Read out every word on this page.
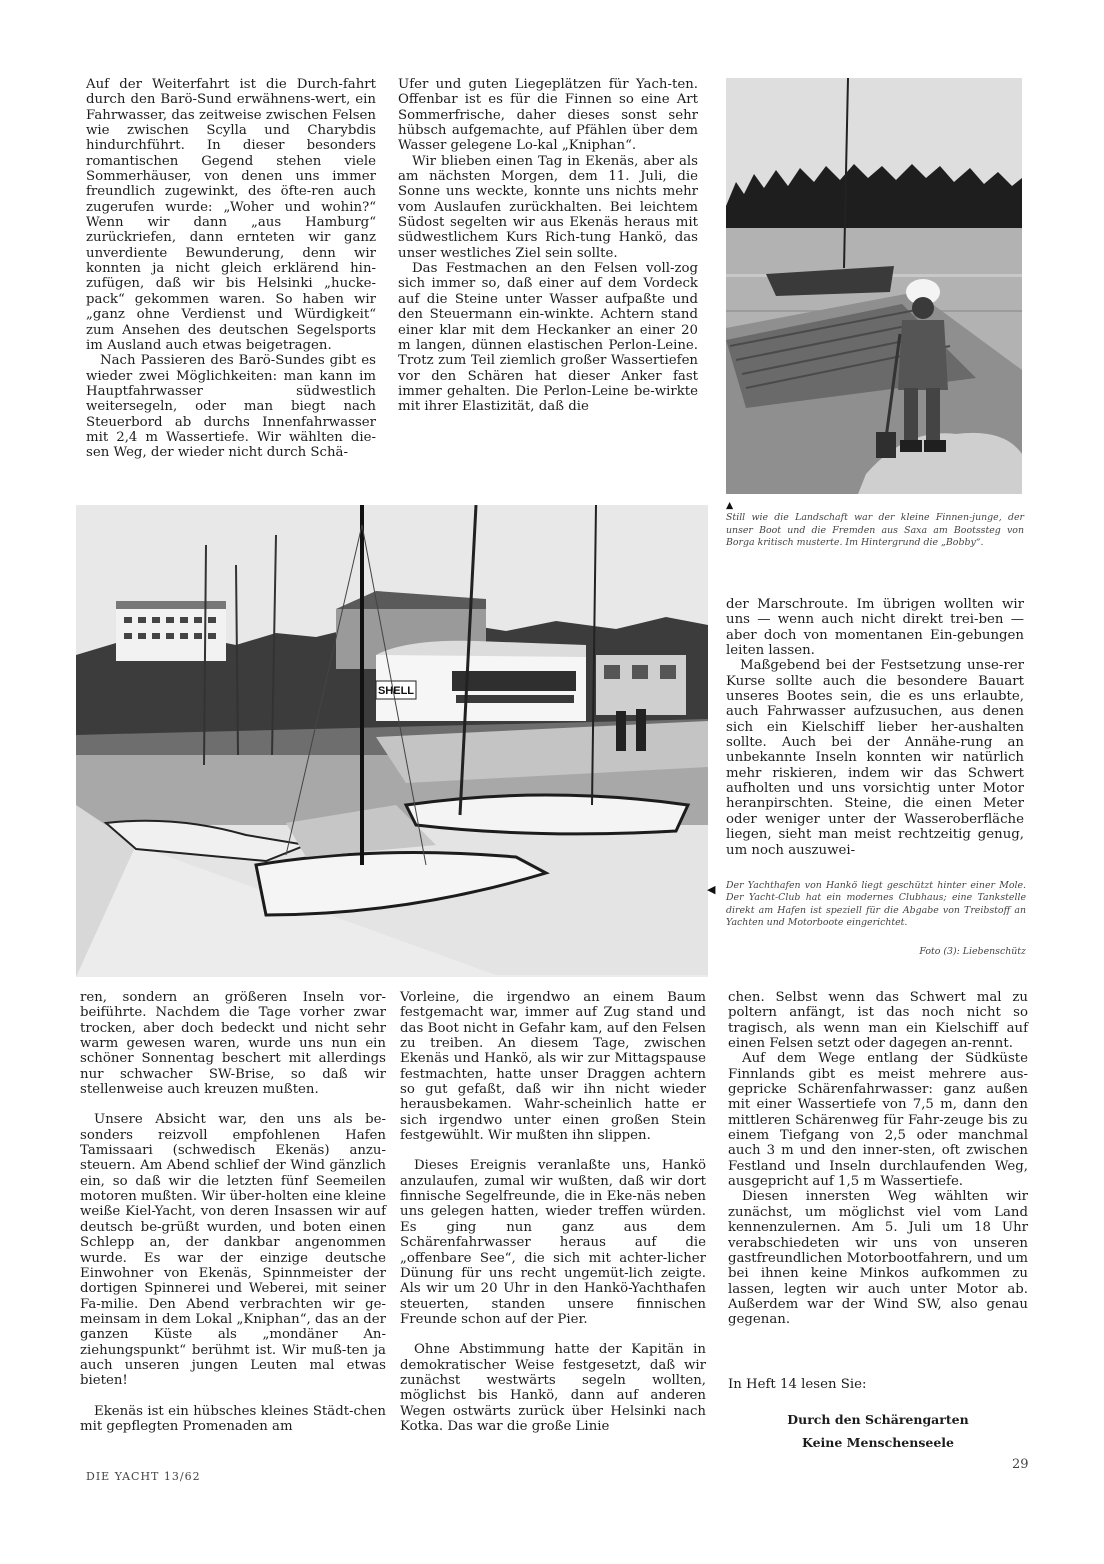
Auf der Weiterfahrt ist die Durch-fahrt durch den Barö-Sund erwähnens-wert, ein Fahrwasser, das zeitweise zwischen Felsen wie zwischen Scylla und Charybdis hindurchführt. In dieser besonders romantischen Gegend stehen viele Sommerhäuser, von denen uns immer freundlich zugewinkt, des öfte-ren auch zugerufen wurde: „Woher und wohin?“ Wenn wir dann „aus Hamburg“ zurückriefen, dann ernteten wir ganz unverdiente Bewunderung, denn wir konnten ja nicht gleich erklärend hin-zufügen, daß wir bis Helsinki „hucke-pack“ gekommen waren. So haben wir „ganz ohne Verdienst und Würdigkeit“ zum Ansehen des deutschen Segelsports im Ausland auch etwas beigetragen.

Nach Passieren des Barö-Sundes gibt es wieder zwei Möglichkeiten: man kann im Hauptfahrwasser südwestlich weitersegeln, oder man biegt nach Steuerbord ab durchs Innenfahrwasser mit 2,4 m Wassertiefe. Wir wählten die-sen Weg, der wieder nicht durch Schä-

Ufer und guten Liegeplätzen für Yach-ten. Offenbar ist es für die Finnen so eine Art Sommerfrische, daher dieses sonst sehr hübsch aufgemachte, auf Pfählen über dem Wasser gelegene Lo-kal „Kniphan“.

Wir blieben einen Tag in Ekenäs, aber als am nächsten Morgen, dem 11. Juli, die Sonne uns weckte, konnte uns nichts mehr vom Auslaufen zurückhalten. Bei leichtem Südost segelten wir aus Ekenäs heraus mit südwestlichem Kurs Rich-tung Hankö, das unser westliches Ziel sein sollte.

Das Festmachen an den Felsen voll-zog sich immer so, daß einer auf dem Vordeck auf die Steine unter Wasser aufpaßte und den Steuermann ein-winkte. Achtern stand einer klar mit dem Heckanker an einer 20 m langen, dünnen elastischen Perlon-Leine. Trotz zum Teil ziemlich großer Wassertiefen vor den Schären hat dieser Anker fast immer gehalten. Die Perlon-Leine be-wirkte mit ihrer Elastizität, daß die

▲
Still wie die Landschaft war der kleine Finnen-junge, der unser Boot und die Fremden aus Saxa am Bootssteg von Borga kritisch musterte. Im Hintergrund die „Bobby“.

der Marschroute. Im übrigen wollten wir uns — wenn auch nicht direkt trei-ben — aber doch von momentanen Ein-gebungen leiten lassen.

Maßgebend bei der Festsetzung unse-rer Kurse sollte auch die besondere Bauart unseres Bootes sein, die es uns erlaubte, auch Fahrwasser aufzusuchen, aus denen sich ein Kielschiff lieber her-aushalten sollte. Auch bei der Annähe-rung an unbekannte Inseln konnten wir natürlich mehr riskieren, indem wir das Schwert aufholten und uns vorsichtig unter Motor heranpirschten. Steine, die einen Meter oder weniger unter der Wasseroberfläche liegen, sieht man meist rechtzeitig genug, um noch auszuwei-

SHELL
◀ Der Yachthafen von Hankö liegt geschützt hinter einer Mole. Der Yacht-Club hat ein modernes Clubhaus; eine Tankstelle direkt am Hafen ist speziell für die Abgabe von Treibstoff an Yachten und Motorboote eingerichtet.

Foto (3): Liebenschütz

ren, sondern an größeren Inseln vor-beiführte. Nachdem die Tage vorher zwar trocken, aber doch bedeckt und nicht sehr warm gewesen waren, wurde uns nun ein schöner Sonnentag beschert mit allerdings nur schwacher SW-Brise, so daß wir stellenweise auch kreuzen mußten.

Unsere Absicht war, den uns als be-sonders reizvoll empfohlenen Hafen Tamissaari (schwedisch Ekenäs) anzu-steuern. Am Abend schlief der Wind gänzlich ein, so daß wir die letzten fünf Seemeilen motoren mußten. Wir über-holten eine kleine weiße Kiel-Yacht, von deren Insassen wir auf deutsch be-grüßt wurden, und boten einen Schlepp an, der dankbar angenommen wurde. Es war der einzige deutsche Einwohner von Ekenäs, Spinnmeister der dortigen Spinnerei und Weberei, mit seiner Fa-milie. Den Abend verbrachten wir ge-meinsam in dem Lokal „Kniphan“, das an der ganzen Küste als „mondäner An-ziehungspunkt“ berühmt ist. Wir muß-ten ja auch unseren jungen Leuten mal etwas bieten!

Ekenäs ist ein hübsches kleines Städt-chen mit gepflegten Promenaden am

Vorleine, die irgendwo an einem Baum festgemacht war, immer auf Zug stand und das Boot nicht in Gefahr kam, auf den Felsen zu treiben. An diesem Tage, zwischen Ekenäs und Hankö, als wir zur Mittagspause festmachten, hatte unser Draggen achtern so gut gefaßt, daß wir ihn nicht wieder herausbekamen. Wahr-scheinlich hatte er sich irgendwo unter einen großen Stein festgewühlt. Wir mußten ihn slippen.

Dieses Ereignis veranlaßte uns, Hankö anzulaufen, zumal wir wußten, daß wir dort finnische Segelfreunde, die in Eke-näs neben uns gelegen hatten, wieder treffen würden. Es ging nun ganz aus dem Schärenfahrwasser heraus auf die „offenbare See“, die sich mit achter-licher Dünung für uns recht ungemüt-lich zeigte. Als wir um 20 Uhr in den Hankö-Yachthafen steuerten, standen unsere finnischen Freunde schon auf der Pier.

Ohne Abstimmung hatte der Kapitän in demokratischer Weise festgesetzt, daß wir zunächst westwärts segeln wollten, möglichst bis Hankö, dann auf anderen Wegen ostwärts zurück über Helsinki nach Kotka. Das war die große Linie

chen. Selbst wenn das Schwert mal zu poltern anfängt, ist das noch nicht so tragisch, als wenn man ein Kielschiff auf einen Felsen setzt oder dagegen an-rennt.

Auf dem Wege entlang der Südküste Finnlands gibt es meist mehrere aus-gepricke Schärenfahrwasser: ganz außen mit einer Wassertiefe von 7,5 m, dann den mittleren Schärenweg für Fahr-zeuge bis zu einem Tiefgang von 2,5 oder manchmal auch 3 m und den inner-sten, oft zwischen Festland und Inseln durchlaufenden Weg, ausgepricht auf 1,5 m Wassertiefe.

Diesen innersten Weg wählten wir zunächst, um möglichst viel vom Land kennenzulernen. Am 5. Juli um 18 Uhr verabschiedeten wir uns von unseren gastfreundlichen Motorbootfahrern, und um bei ihnen keine Minkos aufkommen zu lassen, legten wir auch unter Motor ab. Außerdem war der Wind SW, also genau gegenan.

In Heft 14 lesen Sie:

Durch den Schärengarten

Keine Menschenseele

DIE YACHT 13/62
29
